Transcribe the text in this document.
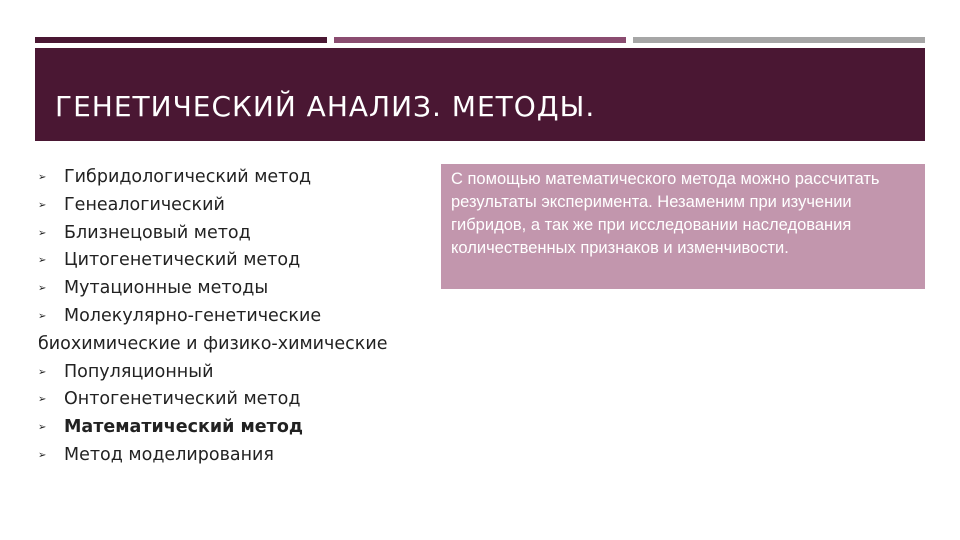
ГЕНЕТИЧЕСКИЙ АНАЛИЗ. МЕТОДЫ.
➢ Гибридологический метод
➢ Генеалогический
➢ Близнецовый метод
➢ Цитогенетический метод
➢ Мутационные методы
➢ Молекулярно-генетические
биохимические и физико-химические
➢ Популяционный
➢ Онтогенетический метод
➢ Математический метод
➢ Метод моделирования
С помощью математического метода можно рассчитать результаты эксперимента. Незаменим при изучении гибридов, а так же при исследовании наследования количественных признаков и изменчивости.
